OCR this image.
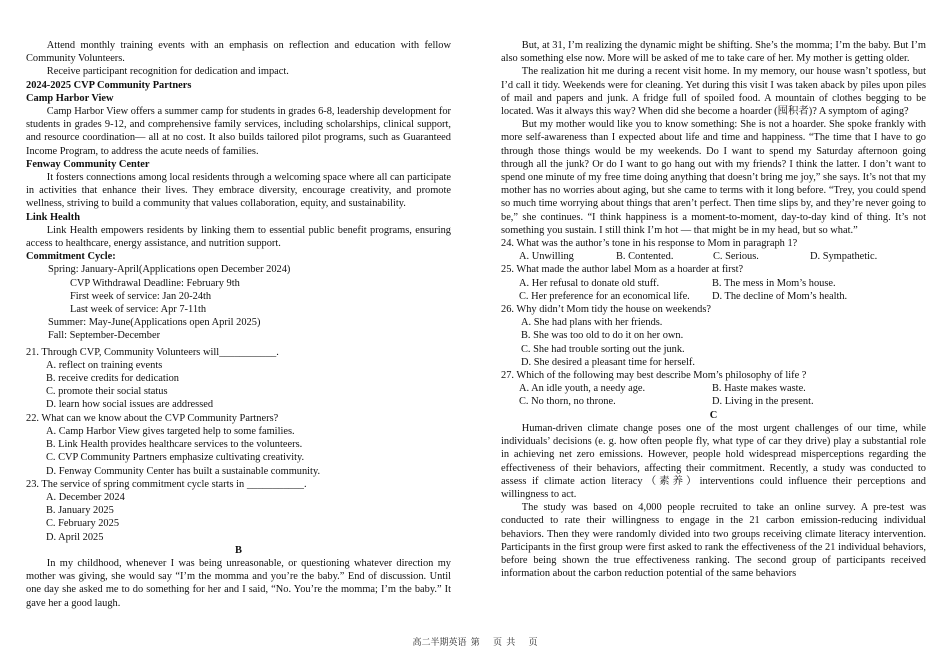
Attend monthly training events with an emphasis on reflection and education with fellow Community Volunteers.

Receive participant recognition for dedication and impact.

2024-2025 CVP Community Partners

Camp Harbor View

Camp Harbor View offers a summer camp for students in grades 6-8, leadership development for students in grades 9-12, and comprehensive family services, including scholarships, clinical support, and resource coordination— all at no cost. It also builds tailored pilot programs, such as Guaranteed Income Program, to address the acute needs of families.

Fenway Community Center

It fosters connections among local residents through a welcoming space where all can participate in activities that enhance their lives. They embrace diversity, encourage creativity, and promote wellness, striving to build a community that values collaboration, equity, and sustainability.

Link Health

Link Health empowers residents by linking them to essential public benefit programs, ensuring access to healthcare, energy assistance, and nutrition support.

Commitment Cycle:

Spring: January-April(Applications open December 2024)

CVP Withdrawal Deadline: February 9th

First week of service: Jan 20-24th

Last week of service: Apr 7-11th

Summer: May-June(Applications open April 2025)

Fall: September-December

21. Through CVP, Community Volunteers will___________.

A. reflect on training events

B. receive credits for dedication

C. promote their social status

D. learn how social issues are addressed

22. What can we know about the CVP Community Partners?

A. Camp Harbor View gives targeted help to some families.

B. Link Health provides healthcare services to the volunteers.

C. CVP Community Partners emphasize cultivating creativity.

D. Fenway Community Center has built a sustainable community.

23. The service of spring commitment cycle starts in ___________.

A. December 2024

B. January 2025

C. February 2025

D. April 2025

B

In my childhood, whenever I was being unreasonable, or questioning whatever direction my mother was giving, she would say “I’m the momma and you’re the baby.” End of discussion. Until one day she asked me to do something for her and I said, “No. You’re the momma; I’m the baby.” It gave her a good laugh.

But, at 31, I’m realizing the dynamic might be shifting. She’s the momma; I’m the baby. But I’m also something else now. More will be asked of me to take care of her. My mother is getting older.

The realization hit me during a recent visit home. In my memory, our house wasn’t spotless, but I’d call it tidy. Weekends were for cleaning. Yet during this visit I was taken aback by piles upon piles of mail and papers and junk. A fridge full of spoiled food. A mountain of clothes begging to be located. Was it always this way? When did she become a hoarder (囤积者)? A symptom of aging?

But my mother would like you to know something: She is not a hoarder. She spoke frankly with more self-awareness than I expected about life and time and happiness. “The time that I have to go through those things would be my weekends. Do I want to spend my Saturday afternoon going through all the junk? Or do I want to go hang out with my friends? I think the latter. I don’t want to spend one minute of my free time doing anything that doesn’t bring me joy,” she says. It’s not that my mother has no worries about aging, but she came to terms with it long before. “Trey, you could spend so much time worrying about things that aren’t perfect. Then time slips by, and they’re never going to be,” she continues. “I think happiness is a moment-to-moment, day-to-day kind of thing. It’s not something you sustain. I still think I’m hot — that might be in my head, but so what.”

24. What was the author’s tone in his response to Mom in paragraph 1?

A. Unwilling	B. Contented.	C. Serious.	D. Sympathetic.

25. What made the author label Mom as a hoarder at first?

A. Her refusal to donate old stuff.	B. The mess in Mom’s house.
C. Her preference for an economical life.	D. The decline of Mom’s health.

26. Why didn’t Mom tidy the house on weekends?

A. She had plans with her friends.

B. She was too old to do it on her own.

C. She had trouble sorting out the junk.

D. She desired a pleasant time for herself.

27. Which of the following may best describe Mom’s philosophy of life ?

A. An idle youth, a needy age.	B. Haste makes waste.
C. No thorn, no throne.	D. Living in the present.

C

Human-driven climate change poses one of the most urgent challenges of our time, while individuals’ decisions (e. g. how often people fly, what type of car they drive) play a substantial role in achieving net zero emissions. However, people hold widespread misperceptions regarding the effectiveness of their behaviors, affecting their commitment. Recently, a study was conducted to assess if climate action literacy（素养）interventions could influence their perceptions and willingness to act.

The study was based on 4,000 people recruited to take an online survey. A pre-test was conducted to rate their willingness to engage in the 21 carbon emission-reducing individual behaviors. Then they were randomly divided into two groups receiving climate literacy intervention. Participants in the first group were first asked to rank the effectiveness of the 21 individual behaviors, before being shown the true effectiveness ranking. The second group of participants received information about the carbon reduction potential of the same behaviors

高二半期英语 第 页 共 页
